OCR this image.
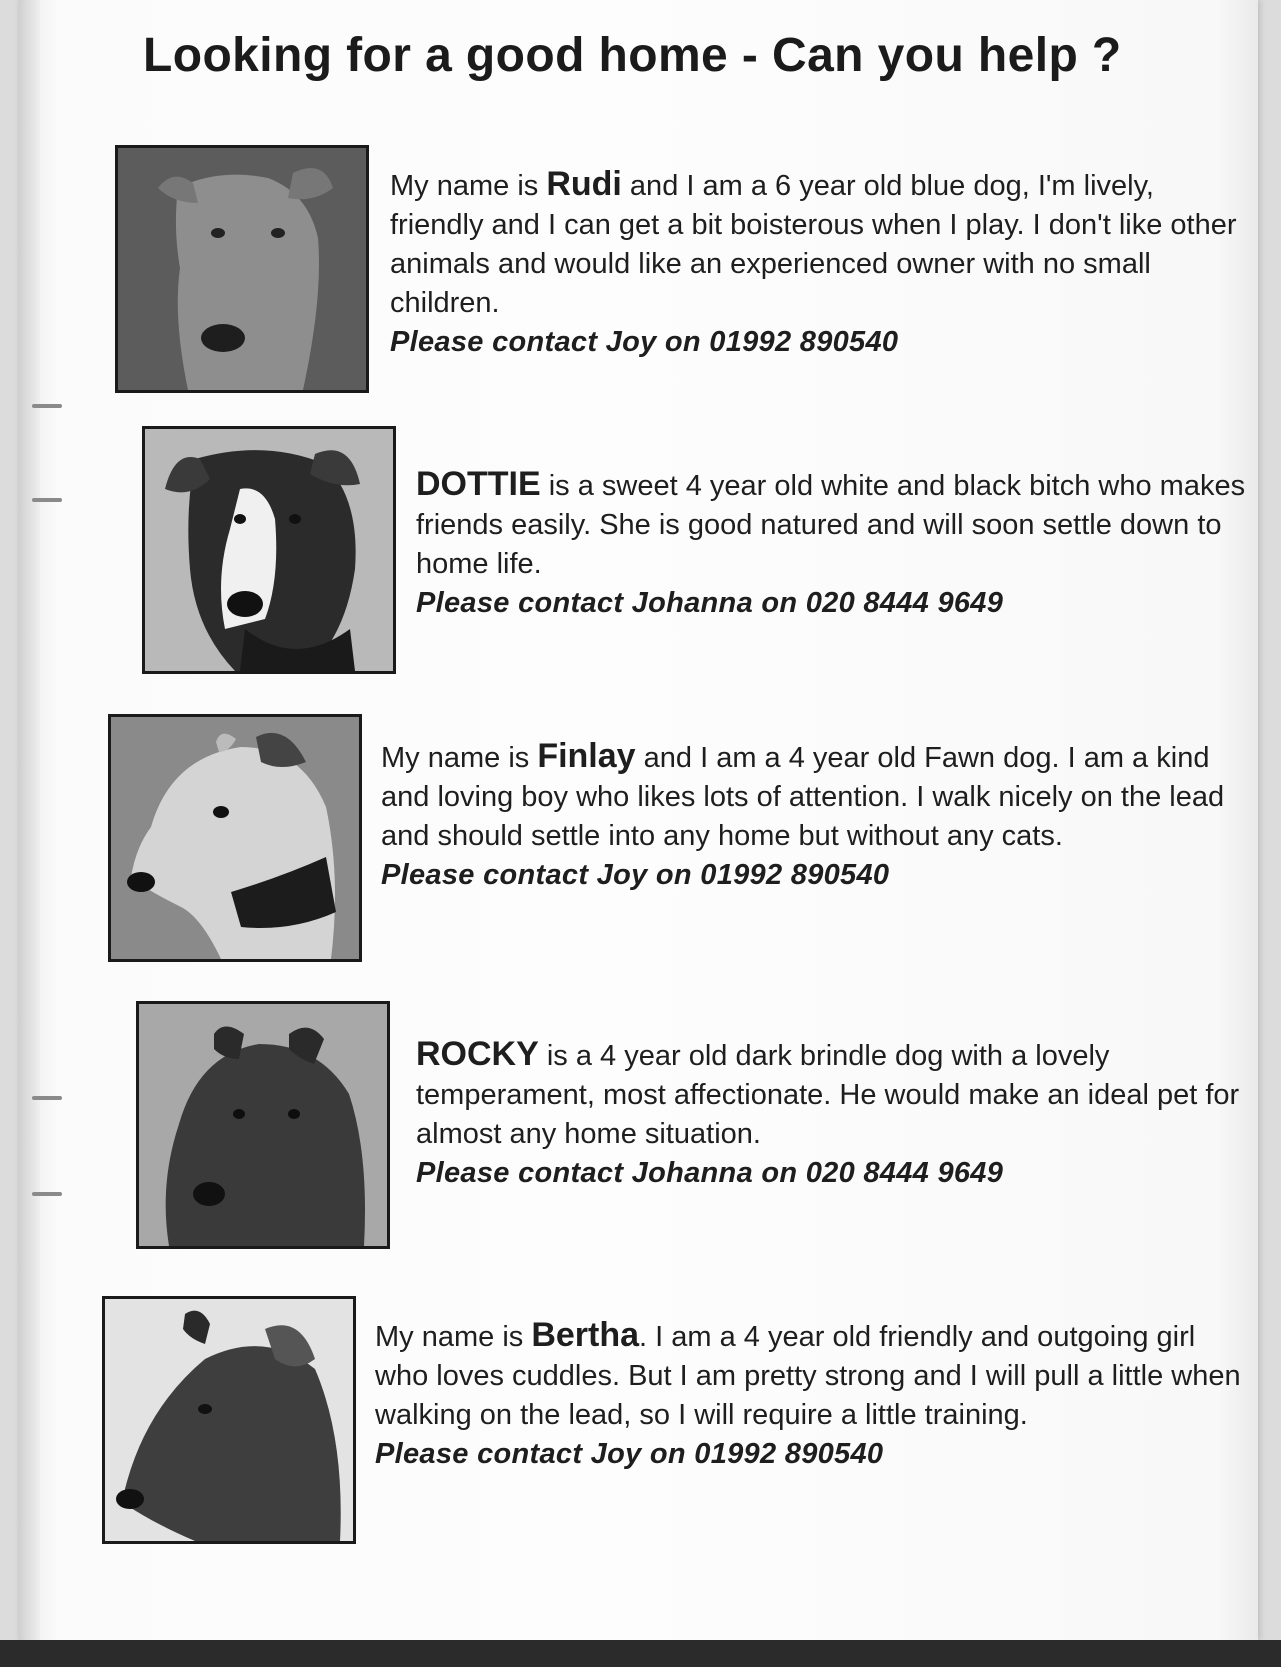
Looking for a good home - Can you help ?

My name is Rudi and I am a 6 year old blue dog, I'm lively, friendly and I can get a bit boisterous when I play. I don't like other animals and would like an experienced owner with no small children.

Please contact Joy on 01992 890540

DOTTIE is a sweet 4 year old white and black bitch who makes friends easily. She is good natured and will soon settle down to home life.

Please contact Johanna on 020 8444 9649

My name is Finlay and I am a 4 year old Fawn dog. I am a kind and loving boy who likes lots of attention. I walk nicely on the lead and should settle into any home but without any cats.

Please contact Joy on 01992 890540

ROCKY is a 4 year old dark brindle dog with a lovely temperament, most affectionate. He would make an ideal pet for almost any home situation.

Please contact Johanna on 020 8444 9649

My name is Bertha. I am a 4 year old friendly and outgoing girl who loves cuddles. But I am pretty strong and I will pull a little when walking on the lead, so I will require a little training.

Please contact Joy on 01992 890540
